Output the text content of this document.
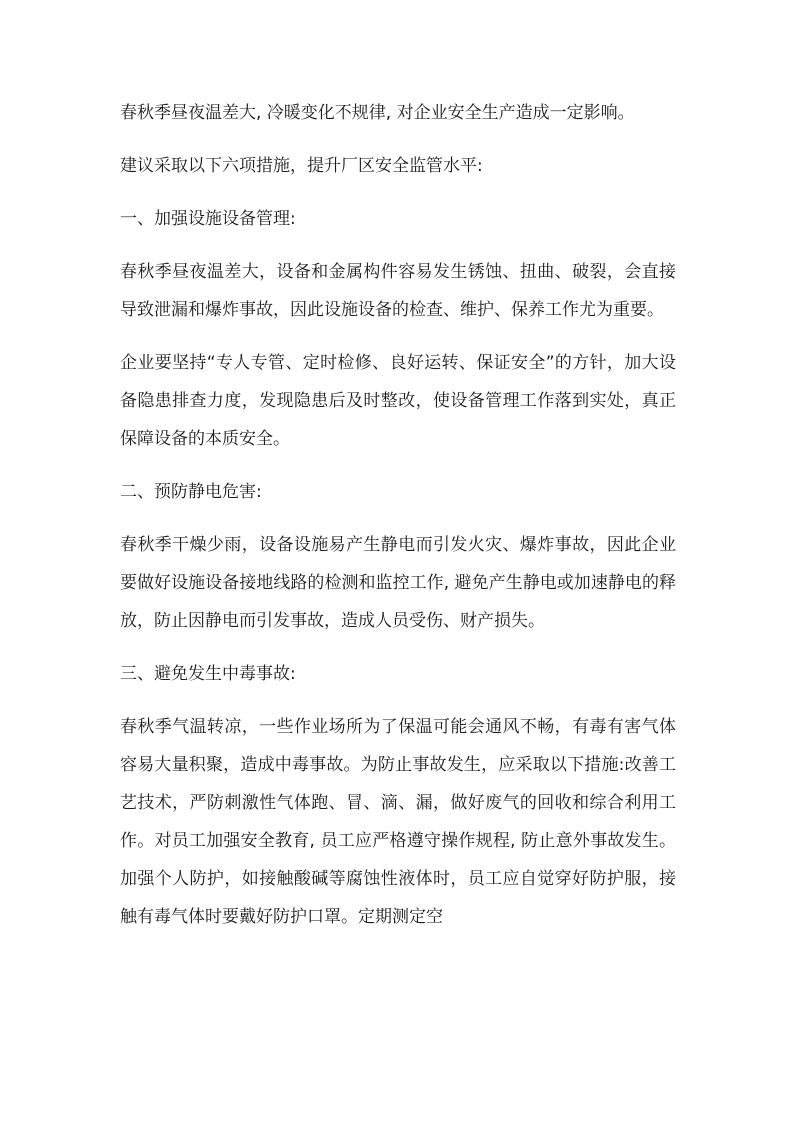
春秋季昼夜温差大, 冷暖变化不规律, 对企业安全生产造成一定影响。

建议采取以下六项措施，提升厂区安全监管水平:

一、加强设施设备管理:

春秋季昼夜温差大，设备和金属构件容易发生锈蚀、扭曲、破裂，会直接导致泄漏和爆炸事故，因此设施设备的检查、维护、保养工作尤为重要。

企业要坚持“专人专管、定时检修、良好运转、保证安全”的方针，加大设备隐患排查力度，发现隐患后及时整改，使设备管理工作落到实处，真正保障设备的本质安全。

二、预防静电危害:

春秋季干燥少雨，设备设施易产生静电而引发火灾、爆炸事故，因此企业要做好设施设备接地线路的检测和监控工作, 避免产生静电或加速静电的释放，防止因静电而引发事故，造成人员受伤、财产损失。

三、避免发生中毒事故:

春秋季气温转凉，一些作业场所为了保温可能会通风不畅，有毒有害气体容易大量积聚，造成中毒事故。为防止事故发生，应采取以下措施:改善工艺技术，严防刺激性气体跑、冒、滴、漏，做好废气的回收和综合利用工作。对员工加强安全教育, 员工应严格遵守操作规程, 防止意外事故发生。加强个人防护，如接触酸碱等腐蚀性液体时，员工应自觉穿好防护服，接触有毒气体时要戴好防护口罩。定期测定空
